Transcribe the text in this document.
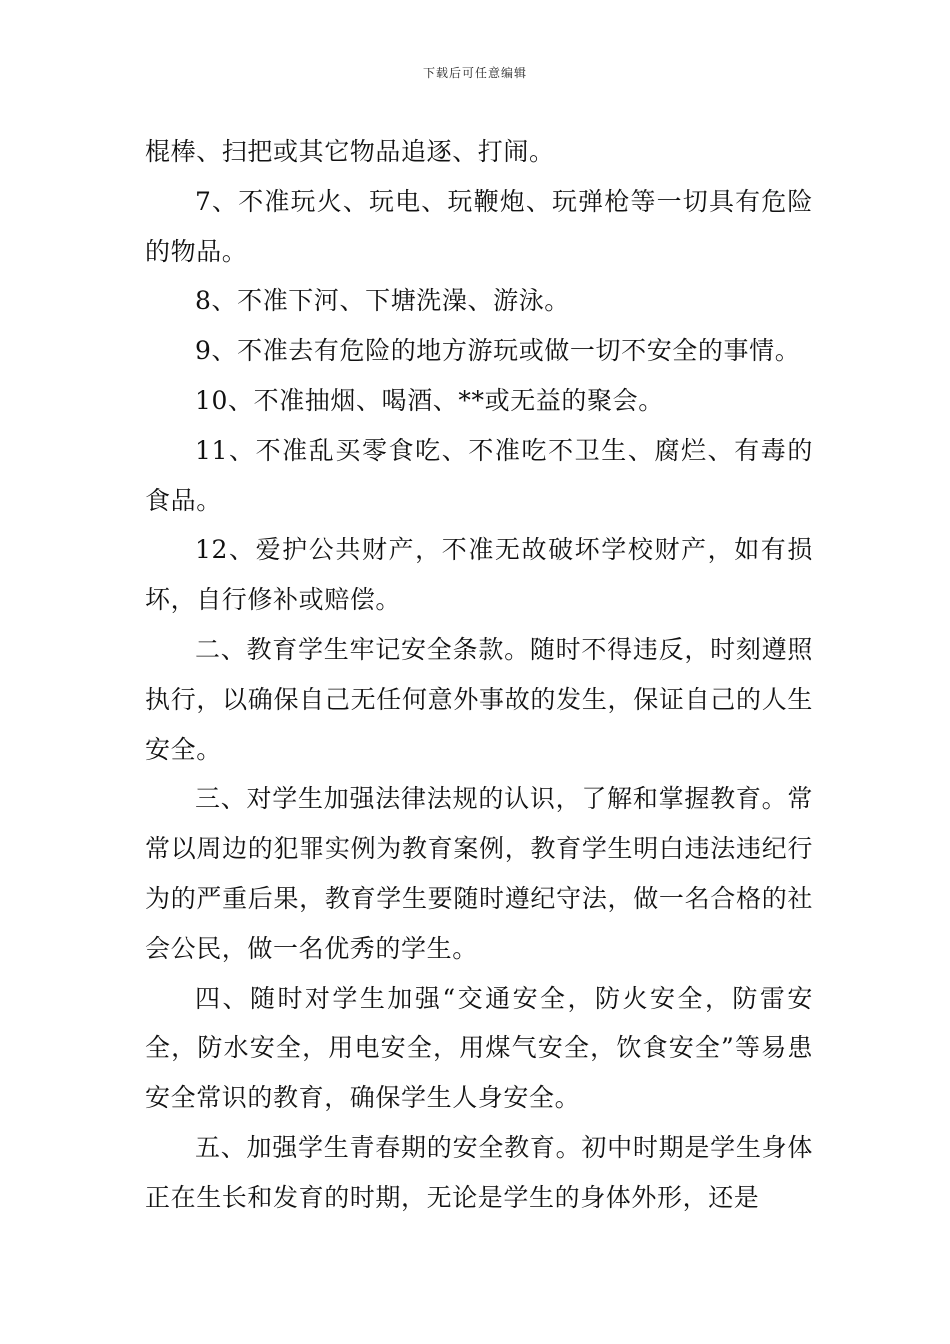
下载后可任意编辑

棍棒、扫把或其它物品追逐、打闹。

7、不准玩火、玩电、玩鞭炮、玩弹枪等一切具有危险的物品。

8、不准下河、下塘洗澡、游泳。

9、不准去有危险的地方游玩或做一切不安全的事情。

10、不准抽烟、喝酒、**或无益的聚会。

11、不准乱买零食吃、不准吃不卫生、腐烂、有毒的食品。

12、爱护公共财产，不准无故破坏学校财产，如有损坏，自行修补或赔偿。

二、教育学生牢记安全条款。随时不得违反，时刻遵照执行，以确保自己无任何意外事故的发生，保证自己的人生安全。

三、对学生加强法律法规的认识，了解和掌握教育。常常以周边的犯罪实例为教育案例，教育学生明白违法违纪行为的严重后果，教育学生要随时遵纪守法，做一名合格的社会公民，做一名优秀的学生。

四、随时对学生加强“交通安全，防火安全，防雷安全，防水安全，用电安全，用煤气安全，饮食安全”等易患安全常识的教育，确保学生人身安全。

五、加强学生青春期的安全教育。初中时期是学生身体正在生长和发育的时期，无论是学生的身体外形，还是
